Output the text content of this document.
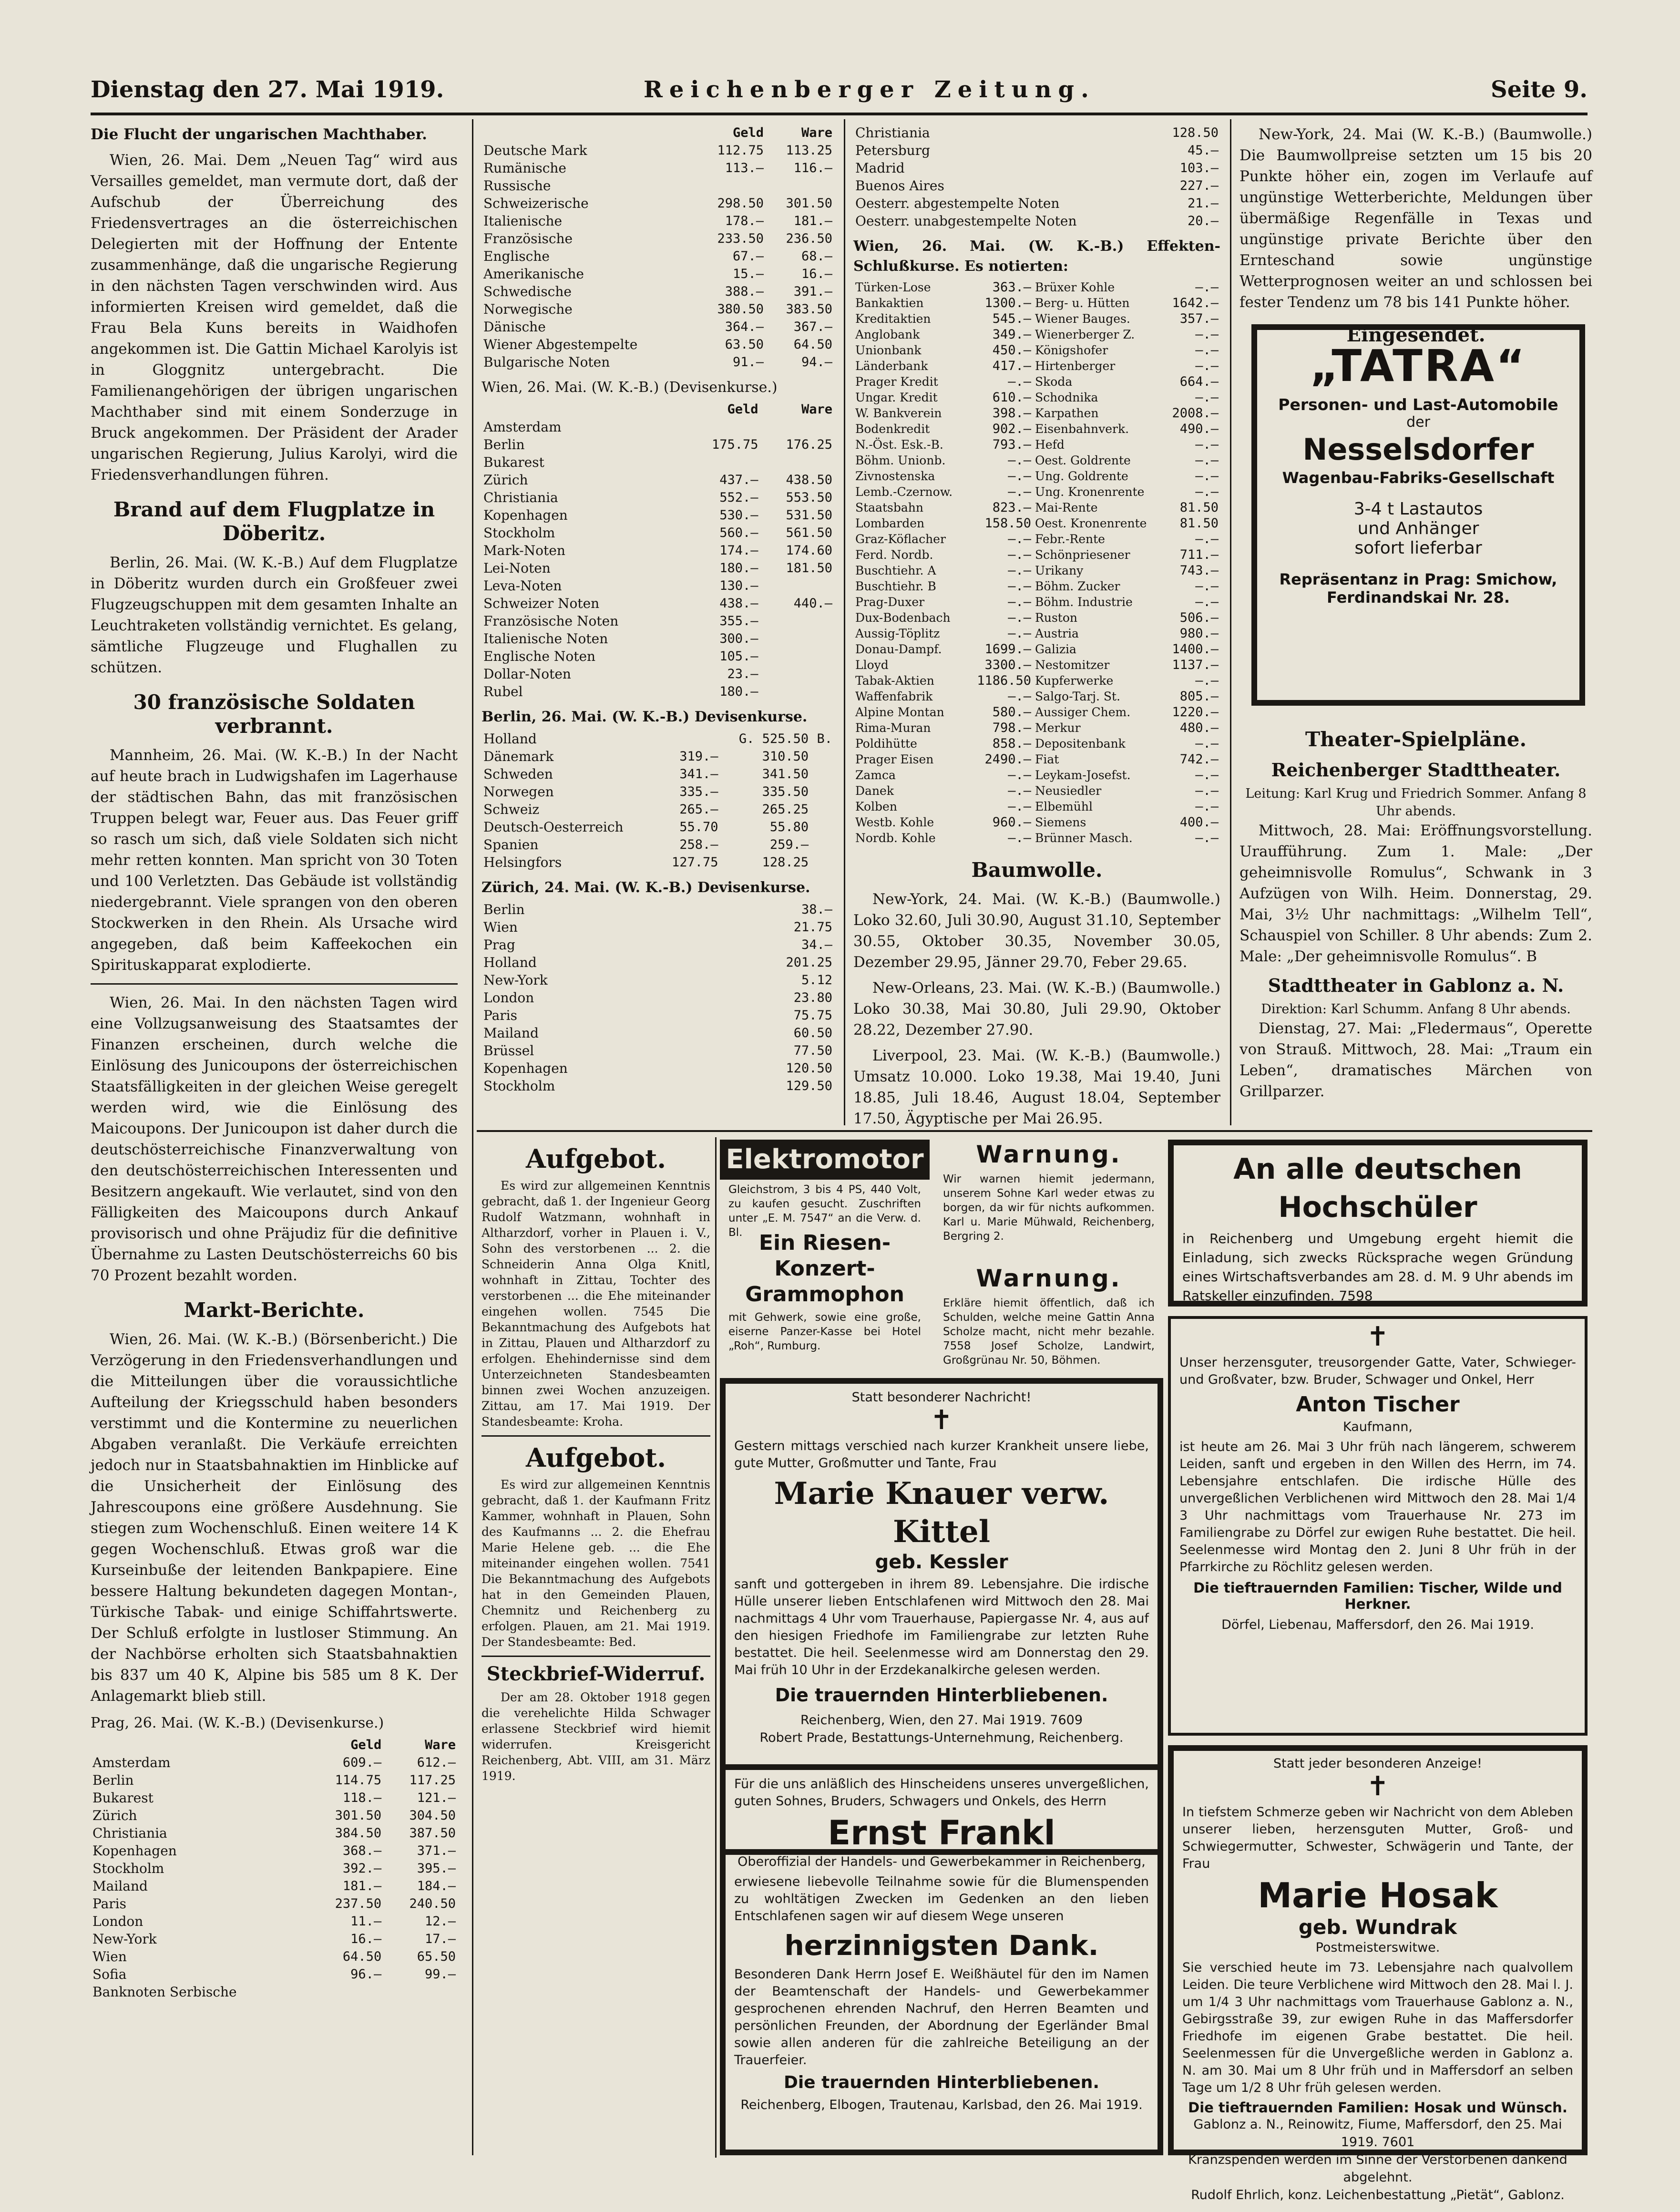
Dienstag den 27. Mai 1919.	Reichenberger Zeitung.	Seite 9.

Die Flucht der ungarischen Machthaber.

Wien, 26. Mai. Dem „Neuen Tag“ wird aus Versailles gemeldet, man vermute dort, daß der Aufschub der Überreichung des Friedensvertrages an die österreichischen Delegierten mit der Hoffnung der Entente zusammenhänge, daß die ungarische Regierung in den nächsten Tagen verschwinden wird. Aus informierten Kreisen wird gemeldet, daß die Frau Bela Kuns bereits in Waidhofen angekommen ist. Die Gattin Michael Karolyis ist in Gloggnitz untergebracht. Die Familienangehörigen der übrigen ungarischen Machthaber sind mit einem Sonderzuge in Bruck angekommen. Der Präsident der Arader ungarischen Regierung, Julius Karolyi, wird die Friedensverhandlungen führen.

Brand auf dem Flugplatze in Döberitz.

Berlin, 26. Mai. (W. K.-B.) Auf dem Flugplatze in Döberitz wurden durch ein Großfeuer zwei Flugzeugschuppen mit dem gesamten Inhalte an Leuchtraketen vollständig vernichtet. Es gelang, sämtliche Flugzeuge und Flughallen zu schützen.

30 französische Soldaten verbrannt.

Mannheim, 26. Mai. (W. K.-B.) In der Nacht auf heute brach in Ludwigshafen im Lagerhause der städtischen Bahn, das mit französischen Truppen belegt war, Feuer aus. Das Feuer griff so rasch um sich, daß viele Soldaten sich nicht mehr retten konnten. Man spricht von 30 Toten und 100 Verletzten. Das Gebäude ist vollständig niedergebrannt. Viele sprangen von den oberen Stockwerken in den Rhein. Als Ursache wird angegeben, daß beim Kaffeekochen ein Spirituskapparat explodierte.

Wien, 26. Mai. In den nächsten Tagen wird eine Vollzugsanweisung des Staatsamtes der Finanzen erscheinen, durch welche die Einlösung des Junicoupons der österreichischen Staatsfälligkeiten in der gleichen Weise geregelt werden wird, wie die Einlösung des Maicoupons. Der Junicoupon ist daher durch die deutschösterreichische Finanzverwaltung von den deutschösterreichischen Interessenten und Besitzern angekauft. Wie verlautet, sind von den Fälligkeiten des Maicoupons durch Ankauf provisorisch und ohne Präjudiz für die definitive Übernahme zu Lasten Deutschösterreichs 60 bis 70 Prozent bezahlt worden.

Markt-Berichte.

Wien, 26. Mai. (W. K.-B.) (Börsenbericht.) Die Verzögerung in den Friedensverhandlungen und die Mitteilungen über die voraussichtliche Aufteilung der Kriegsschuld haben besonders verstimmt und die Kontermine zu neuerlichen Abgaben veranlaßt. Die Verkäufe erreichten jedoch nur in Staatsbahnaktien im Hinblicke auf die Unsicherheit der Einlösung des Jahrescoupons eine größere Ausdehnung. Sie stiegen zum Wochenschluß. Einen weitere 14 K gegen Wochenschluß. Etwas groß war die Kurseinbuße der leitenden Bankpapiere. Eine bessere Haltung bekundeten dagegen Montan-, Türkische Tabak- und einige Schiffahrtswerte. Der Schluß erfolgte in lustloser Stimmung. An der Nachbörse erholten sich Staatsbahnaktien bis 837 um 40 K, Alpine bis 585 um 8 K. Der Anlagemarkt blieb still.

Prag, 26. Mai. (W. K.-B.) (Devisenkurse.)
	Geld	Ware
Amsterdam	609.—	612.—
Berlin	114.75	117.25
Bukarest	118.—	121.—
Zürich	301.50	304.50
Christiania	384.50	387.50
Kopenhagen	368.—	371.—
Stockholm	392.—	395.—
Mailand	181.—	184.—
Paris	237.50	240.50
London	11.—	12.—
New-York	16.—	17.—
Wien	64.50	65.50
Sofia	96.—	99.—
Banknoten Serbische		
	Geld	Ware
Deutsche Mark	112.75	113.25
Rumänische	113.—	116.—
Russische		
Schweizerische	298.50	301.50
Italienische	178.—	181.—
Französische	233.50	236.50
Englische	67.—	68.—
Amerikanische	15.—	16.—
Schwedische	388.—	391.—
Norwegische	380.50	383.50
Dänische	364.—	367.—
Wiener Abgestempelte	63.50	64.50
Bulgarische Noten	91.—	94.—
Wien, 26. Mai. (W. K.-B.) (Devisenkurse.)
	Geld	Ware
Amsterdam		
Berlin	175.75	176.25
Bukarest		
Zürich	437.—	438.50
Christiania	552.—	553.50
Kopenhagen	530.—	531.50
Stockholm	560.—	561.50
Mark-Noten	174.—	174.60
Lei-Noten	180.—	181.50
Leva-Noten	130.—	
Schweizer Noten	438.—	440.—
Französische Noten	355.—	
Italienische Noten	300.—	
Englische Noten	105.—	
Dollar-Noten	23.—	
Rubel	180.—	
Berlin, 26. Mai. (W. K.-B.) Devisenkurse.
Holland		G. 525.50	B.
Dänemark	319.—	310.50	
Schweden	341.—	341.50	
Norwegen	335.—	335.50	
Schweiz	265.—	265.25	
Deutsch-Oesterreich	55.70	55.80	
Spanien	258.—	259.—	
Helsingfors	127.75	128.25	
Zürich, 24. Mai. (W. K.-B.) Devisenkurse.
Berlin	38.—
Wien	21.75
Prag	34.—
Holland	201.25
New-York	5.12
London	23.80
Paris	75.75
Mailand	60.50
Brüssel	77.50
Kopenhagen	120.50
Stockholm	129.50
Christiania	128.50
Petersburg	45.—
Madrid	103.—
Buenos Aires	227.—
Oesterr. abgestempelte Noten	21.—
Oesterr. unabgestempelte Noten	20.—
Wien, 26. Mai. (W. K.-B.) Effekten-Schlußkurse. Es notierten:
Türken-Lose	363.—	Brüxer Kohle	—.—
Bankaktien	1300.—	Berg- u. Hütten	1642.—
Kreditaktien	545.—	Wiener Bauges.	357.—
Anglobank	349.—	Wienerberger Z.	—.—
Unionbank	450.—	Königshofer	—.—
Länderbank	417.—	Hirtenberger	—.—
Prager Kredit	—.—	Skoda	664.—
Ungar. Kredit	610.—	Schodnika	—.—
W. Bankverein	398.—	Karpathen	2008.—
Bodenkredit	902.—	Eisenbahnverk.	490.—
N.-Öst. Esk.-B.	793.—	Hefd	—.—
Böhm. Unionb.	—.—	Oest. Goldrente	—.—
Zivnostenska	—.—	Ung. Goldrente	—.—
Lemb.-Czernow.	—.—	Ung. Kronenrente	—.—
Staatsbahn	823.—	Mai-Rente	81.50
Lombarden	158.50	Oest. Kronenrente	81.50
Graz-Köflacher	—.—	Febr.-Rente	—.—
Ferd. Nordb.	—.—	Schönpriesener	711.—
Buschtiehr. A	—.—	Urikany	743.—
Buschtiehr. B	—.—	Böhm. Zucker	—.—
Prag-Duxer	—.—	Böhm. Industrie	—.—
Dux-Bodenbach	—.—	Ruston	506.—
Aussig-Töplitz	—.—	Austria	980.—
Donau-Dampf.	1699.—	Galizia	1400.—
Lloyd	3300.—	Nestomitzer	1137.—
Tabak-Aktien	1186.50	Kupferwerke	—.—
Waffenfabrik	—.—	Salgo-Tarj. St.	805.—
Alpine Montan	580.—	Aussiger Chem.	1220.—
Rima-Muran	798.—	Merkur	480.—
Poldihütte	858.—	Depositenbank	—.—
Prager Eisen	2490.—	Fiat	742.—
Zamca	—.—	Leykam-Josefst.	—.—
Danek	—.—	Neusiedler	—.—
Kolben	—.—	Elbemühl	—.—
Westb. Kohle	960.—	Siemens	400.—
Nordb. Kohle	—.—	Brünner Masch.	—.—
Baumwolle.

New-York, 24. Mai. (W. K.-B.) (Baumwolle.) Loko 32.60, Juli 30.90, August 31.10, September 30.55, Oktober 30.35, November 30.05, Dezember 29.95, Jänner 29.70, Feber 29.65.

New-Orleans, 23. Mai. (W. K.-B.) (Baumwolle.) Loko 30.38, Mai 30.80, Juli 29.90, Oktober 28.22, Dezember 27.90.

Liverpool, 23. Mai. (W. K.-B.) (Baumwolle.) Umsatz 10.000. Loko 19.38, Mai 19.40, Juni 18.85, Juli 18.46, August 18.04, September 17.50, Ägyptische per Mai 26.95.

New-York, 24. Mai (W. K.-B.) (Baumwolle.) Die Baumwollpreise setzten um 15 bis 20 Punkte höher ein, zogen im Verlaufe auf ungünstige Wetterberichte, Meldungen über übermäßige Regenfälle in Texas und ungünstige private Berichte über den Ernteschand sowie ungünstige Wetterprognosen weiter an und schlossen bei fester Tendenz um 78 bis 141 Punkte höher.

Eingesendet.
„TATRA“
Personen- und Last-Automobile
der
Nesselsdorfer
Wagenbau-Fabriks-Gesellschaft
3-4 t Lastautos
und Anhänger
sofort lieferbar
Repräsentanz in Prag: Smichow,
Ferdinandskai Nr. 28.
Theater-Spielpläne.
Reichenberger Stadttheater.
Leitung: Karl Krug und Friedrich Sommer. Anfang 8 Uhr abends.

Mittwoch, 28. Mai: Eröffnungsvorstellung. Uraufführung. Zum 1. Male: „Der geheimnisvolle Romulus“, Schwank in 3 Aufzügen von Wilh. Heim. Donnerstag, 29. Mai, 3½ Uhr nachmittags: „Wilhelm Tell“, Schauspiel von Schiller. 8 Uhr abends: Zum 2. Male: „Der geheimnisvolle Romulus“. B

Stadttheater in Gablonz a. N.
Direktion: Karl Schumm. Anfang 8 Uhr abends.

Dienstag, 27. Mai: „Fledermaus“, Operette von Strauß. Mittwoch, 28. Mai: „Traum ein Leben“, dramatisches Märchen von Grillparzer.

Aufgebot.

Es wird zur allgemeinen Kenntnis gebracht, daß 1. der Ingenieur Georg Rudolf Watzmann, wohnhaft in Altharzdorf, vorher in Plauen i. V., Sohn des verstorbenen ... 2. die Schneiderin Anna Olga Knitl, wohnhaft in Zittau, Tochter des verstorbenen ... die Ehe miteinander eingehen wollen. 7545 Die Bekanntmachung des Aufgebots hat in Zittau, Plauen und Altharzdorf zu erfolgen. Ehehindernisse sind dem Unterzeichneten Standesbeamten binnen zwei Wochen anzuzeigen. Zittau, am 17. Mai 1919. Der Standesbeamte: Kroha.

Aufgebot.

Es wird zur allgemeinen Kenntnis gebracht, daß 1. der Kaufmann Fritz Kammer, wohnhaft in Plauen, Sohn des Kaufmanns ... 2. die Ehefrau Marie Helene geb. ... die Ehe miteinander eingehen wollen. 7541 Die Bekanntmachung des Aufgebots hat in den Gemeinden Plauen, Chemnitz und Reichenberg zu erfolgen. Plauen, am 21. Mai 1919. Der Standesbeamte: Bed.

Steckbrief-Widerruf.

Der am 28. Oktober 1918 gegen die verehelichte Hilda Schwager erlassene Steckbrief wird hiemit widerrufen. Kreisgericht Reichenberg, Abt. VIII, am 31. März 1919.

Elektromotor

Gleichstrom, 3 bis 4 PS, 440 Volt, zu kaufen gesucht. Zuschriften unter „E. M. 7547“ an die Verw. d. Bl. Ein Riesen-Konzert-Grammophon

mit Gehwerk, sowie eine große, eiserne Panzer-Kasse bei Hotel „Roh“, Rumburg.

Warnung.

Wir warnen hiemit jedermann, unserem Sohne Karl weder etwas zu borgen, da wir für nichts aufkommen. Karl u. Marie Mühwald, Reichenberg, Bergring 2.

Warnung.

Erkläre hiemit öffentlich, daß ich Schulden, welche meine Gattin Anna Scholze macht, nicht mehr bezahle. 7558 Josef Scholze, Landwirt, Großgrünau Nr. 50, Böhmen.

Statt besonderer Nachricht!
✝

Gestern mittags verschied nach kurzer Krankheit unsere liebe, gute Mutter, Großmutter und Tante, Frau

Marie Knauer verw. Kittel
geb. Kessler

sanft und gottergeben in ihrem 89. Lebensjahre. Die irdische Hülle unserer lieben Entschlafenen wird Mittwoch den 28. Mai nachmittags 4 Uhr vom Trauerhause, Papiergasse Nr. 4, aus auf den hiesigen Friedhofe im Familiengrabe zur letzten Ruhe bestattet. Die heil. Seelenmesse wird am Donnerstag den 29. Mai früh 10 Uhr in der Erzdekanalkirche gelesen werden.

Die trauernden Hinterbliebenen.
Reichenberg, Wien, den 27. Mai 1919. 7609
Robert Prade, Bestattungs-Unternehmung, Reichenberg.

Für die uns anläßlich des Hinscheidens unseres unvergeßlichen, guten Sohnes, Bruders, Schwagers und Onkels, des Herrn

Ernst Frankl
Oberoffizial der Handels- und Gewerbekammer in Reichenberg,

erwiesene liebevolle Teilnahme sowie für die Blumenspenden zu wohltätigen Zwecken im Gedenken an den lieben Entschlafenen sagen wir auf diesem Wege unseren

herzinnigsten Dank.

Besonderen Dank Herrn Josef E. Weißhäutel für den im Namen der Beamtenschaft der Handels- und Gewerbekammer gesprochenen ehrenden Nachruf, den Herren Beamten und persönlichen Freunden, der Abordnung der Egerländer Bmal sowie allen anderen für die zahlreiche Beteiligung an der Trauerfeier.

Die trauernden Hinterbliebenen.
Reichenberg, Elbogen, Trautenau, Karlsbad, den 26. Mai 1919.
An alle deutschen Hochschüler

in Reichenberg und Umgebung ergeht hiemit die Einladung, sich zwecks Rücksprache wegen Gründung eines Wirtschaftsverbandes am 28. d. M. 9 Uhr abends im Ratskeller einzufinden. 7598

✝

Unser herzensguter, treusorgender Gatte, Vater, Schwieger- und Großvater, bzw. Bruder, Schwager und Onkel, Herr

Anton Tischer
Kaufmann,

ist heute am 26. Mai 3 Uhr früh nach längerem, schwerem Leiden, sanft und ergeben in den Willen des Herrn, im 74. Lebensjahre entschlafen. Die irdische Hülle des unvergeßlichen Verblichenen wird Mittwoch den 28. Mai 1/4 3 Uhr nachmittags vom Trauerhause Nr. 273 im Familiengrabe zu Dörfel zur ewigen Ruhe bestattet. Die heil. Seelenmesse wird Montag den 2. Juni 8 Uhr früh in der Pfarrkirche zu Röchlitz gelesen werden.

Die tieftrauernden Familien: Tischer, Wilde und Herkner.
Dörfel, Liebenau, Maffersdorf, den 26. Mai 1919.
Statt jeder besonderen Anzeige!
✝

In tiefstem Schmerze geben wir Nachricht von dem Ableben unserer lieben, herzensguten Mutter, Groß- und Schwiegermutter, Schwester, Schwägerin und Tante, der Frau

Marie Hosak
geb. Wundrak
Postmeisterswitwe.

Sie verschied heute im 73. Lebensjahre nach qualvollem Leiden. Die teure Verblichene wird Mittwoch den 28. Mai l. J. um 1/4 3 Uhr nachmittags vom Trauerhause Gablonz a. N., Gebirgsstraße 39, zur ewigen Ruhe in das Maffersdorfer Friedhofe im eigenen Grabe bestattet. Die heil. Seelenmessen für die Unvergeßliche werden in Gablonz a. N. am 30. Mai um 8 Uhr früh und in Maffersdorf an selben Tage um 1/2 8 Uhr früh gelesen werden.

Die tieftrauernden Familien: Hosak und Wünsch.
Gablonz a. N., Reinowitz, Fiume, Maffersdorf, den 25. Mai 1919. 7601
Kranzspenden werden im Sinne der Verstorbenen dankend abgelehnt.
Rudolf Ehrlich, konz. Leichenbestattung „Pietät“, Gablonz.
